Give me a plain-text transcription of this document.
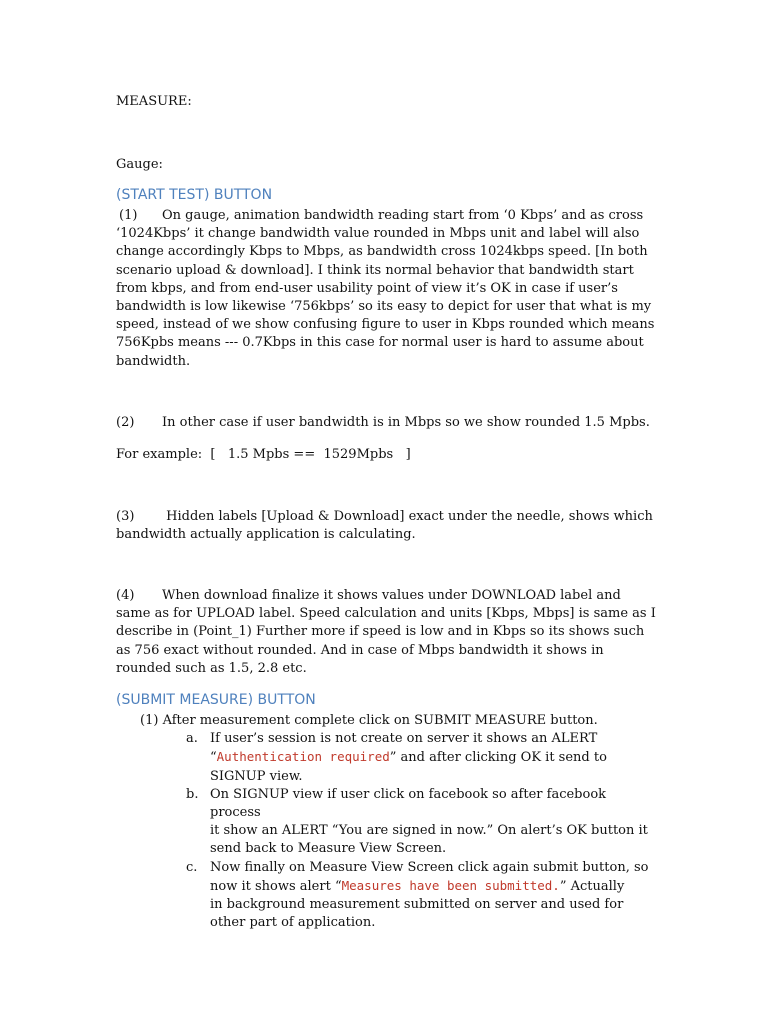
MEASURE:

Gauge:

(START TEST) BUTTON

(1) On gauge, animation bandwidth reading start from ‘0 Kbps’ and as cross

‘1024Kbps’ it change bandwidth value rounded in Mbps unit and label will also

change accordingly Kbps to Mbps, as bandwidth cross 1024kbps speed. [In both

scenario upload & download]. I think its normal behavior that bandwidth start

from kbps, and from end-user usability point of view it’s OK in case if user’s

bandwidth is low likewise ‘756kbps’ so its easy to depict for user that what is my

speed, instead of we show confusing figure to user in Kbps rounded which means

756Kpbs means --- 0.7Kbps in this case for normal user is hard to assume about

bandwidth.

(2) In other case if user bandwidth is in Mbps so we show rounded 1.5 Mpbs.

For example:  [   1.5 Mpbs ==  1529Mpbs   ]

(3) Hidden labels [Upload & Download] exact under the needle, shows which

bandwidth actually application is calculating.

(4) When download finalize it shows values under DOWNLOAD label and

same as for UPLOAD label. Speed calculation and units [Kbps, Mbps] is same as I

describe in (Point_1) Further more if speed is low and in Kbps so its shows such

as 756 exact without rounded. And in case of Mbps bandwidth it shows in

rounded such as 1.5, 2.8 etc.

(SUBMIT MEASURE) BUTTON

(1) After measurement complete click on SUBMIT MEASURE button.

a. If user’s session is not create on server it shows an ALERT
“Authentication required” and after clicking OK it send to
SIGNUP view.
b. On SIGNUP view if user click on facebook so after facebook process
it show an ALERT “You are signed in now.” On alert’s OK button it
send back to Measure View Screen.
c. Now finally on Measure View Screen click again submit button, so
now it shows alert “Measures have been submitted.” Actually
in background measurement submitted on server and used for
other part of application.
